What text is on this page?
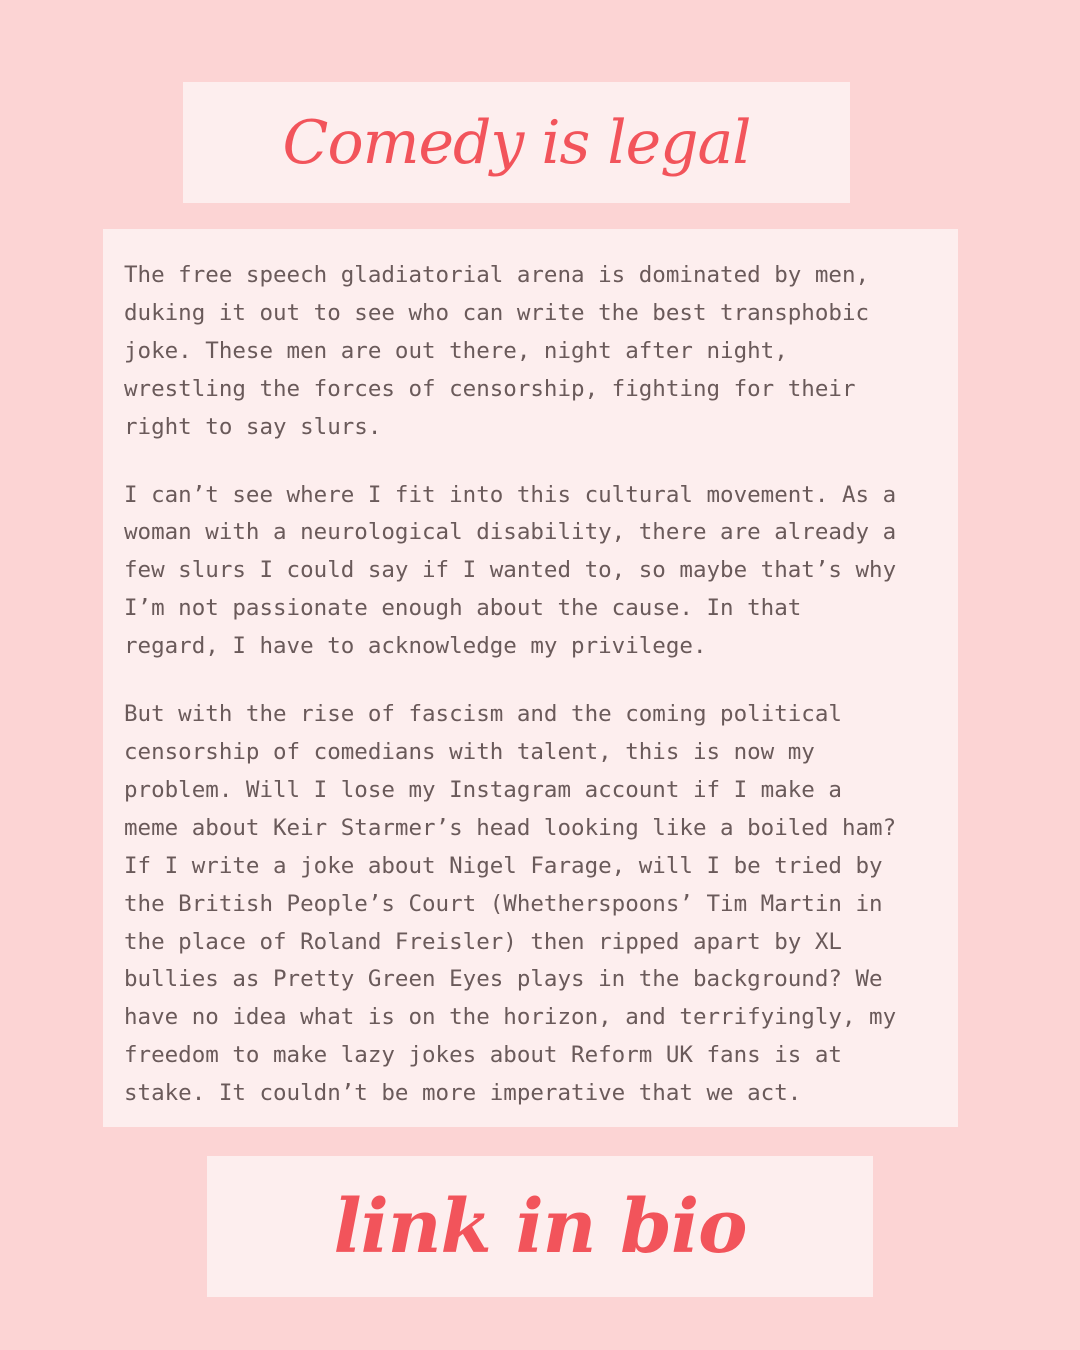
Comedy is legal

The free speech gladiatorial arena is dominated by men,
duking it out to see who can write the best transphobic
joke. These men are out there, night after night,
wrestling the forces of censorship, fighting for their
right to say slurs.

I can’t see where I fit into this cultural movement. As a
woman with a neurological disability, there are already a
few slurs I could say if I wanted to, so maybe that’s why
I’m not passionate enough about the cause. In that
regard, I have to acknowledge my privilege.

But with the rise of fascism and the coming political
censorship of comedians with talent, this is now my
problem. Will I lose my Instagram account if I make a
meme about Keir Starmer’s head looking like a boiled ham?
If I write a joke about Nigel Farage, will I be tried by
the British People’s Court (Whetherspoons’ Tim Martin in
the place of Roland Freisler) then ripped apart by XL
bullies as Pretty Green Eyes plays in the background? We
have no idea what is on the horizon, and terrifyingly, my
freedom to make lazy jokes about Reform UK fans is at
stake. It couldn’t be more imperative that we act.

link in bio
